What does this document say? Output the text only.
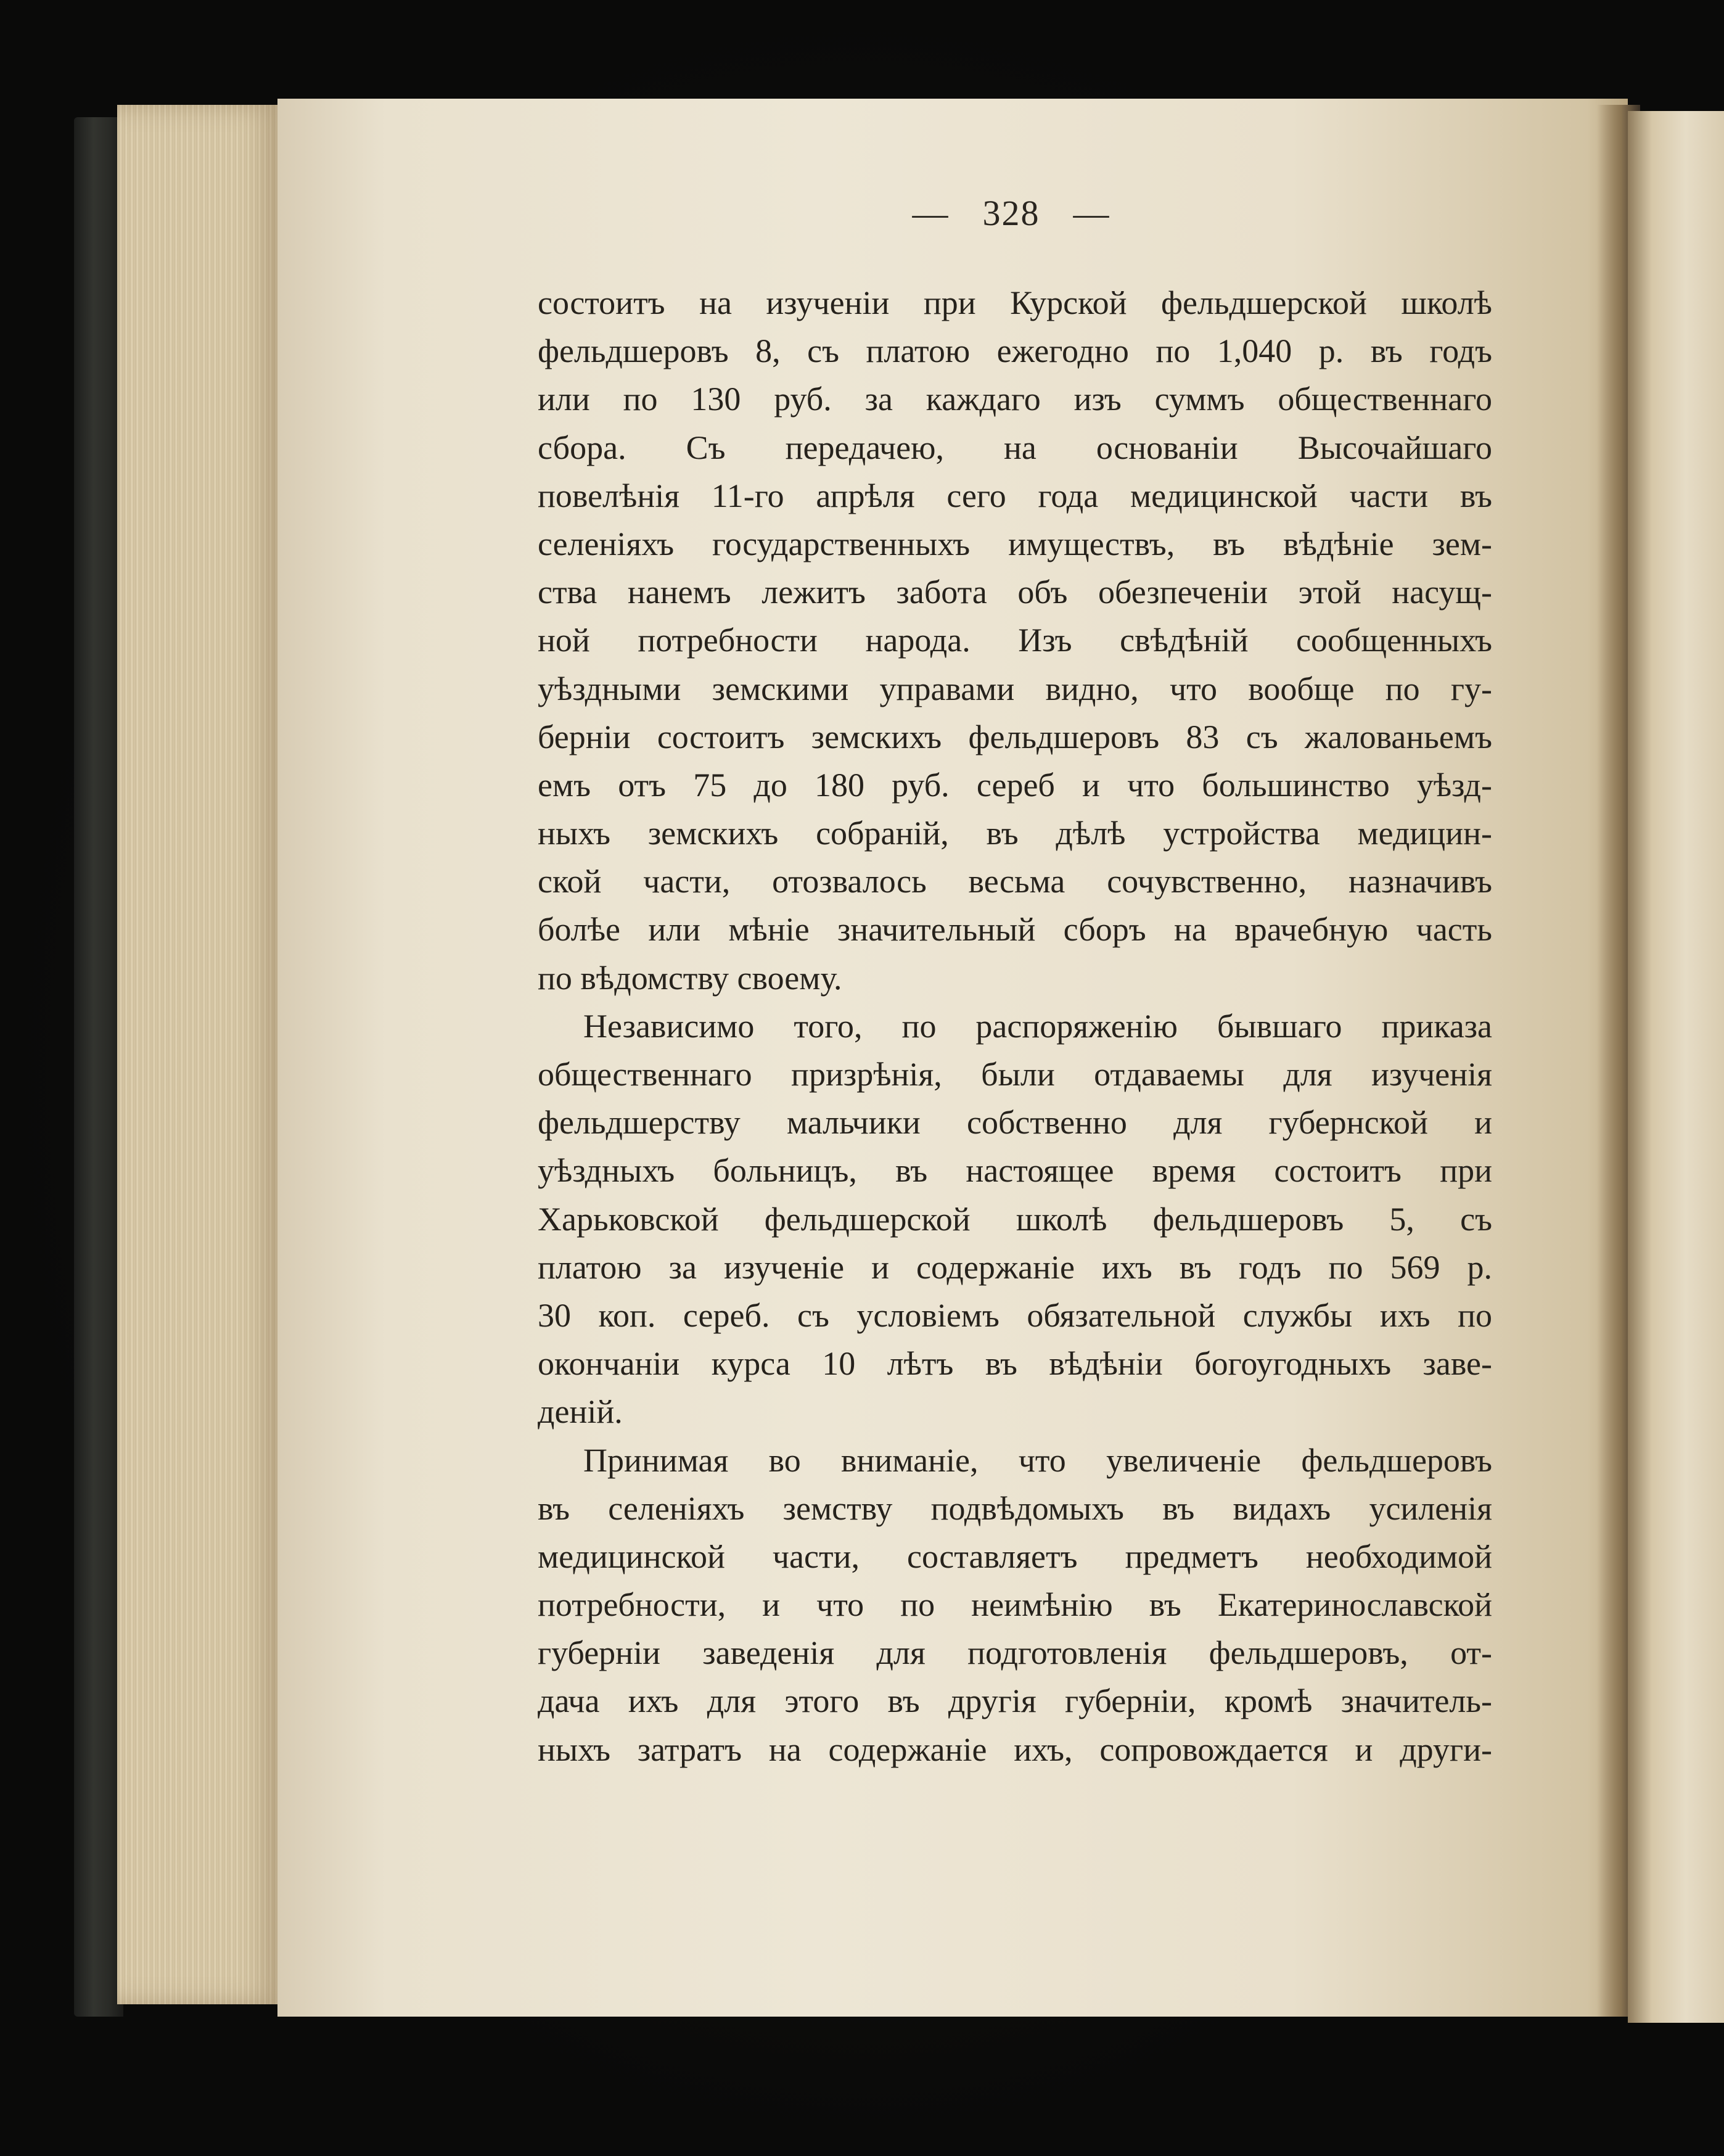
— 328 —

состоитъ на изученіи при Курской фельдшерской школѣ
фельдшеровъ 8, съ платою ежегодно по 1,040 р. въ годъ
или по 130 руб. за каждаго изъ суммъ общественнаго
сбора. Съ передачею, на основаніи Высочайшаго
повелѣнія 11-го апрѣля сего года медицинской части въ
селеніяхъ государственныхъ имуществъ, въ вѣдѣніе зем-
ства нанемъ лежитъ забота объ обезпеченіи этой насущ-
ной потребности народа. Изъ свѣдѣній сообщенныхъ
уѣздными земскими управами видно, что вообще по гу-
берніи состоитъ земскихъ фельдшеровъ 83 съ жалованьемъ
емъ отъ 75 до 180 руб. сереб и что большинство уѣзд-
ныхъ земскихъ собраній, въ дѣлѣ устройства медицин-
ской части, отозвалось весьма сочувственно, назначивъ
болѣе или мѣніе значительный сборъ на врачебную часть
по вѣдомству своему.

Независимо того, по распоряженію бывшаго приказа
общественнаго призрѣнія, были отдаваемы для изученія
фельдшерству мальчики собственно для губернской и
уѣздныхъ больницъ, въ настоящее время состоитъ при
Харьковской фельдшерской школѣ фельдшеровъ 5, съ
платою за изученіе и содержаніе ихъ въ годъ по 569 р.
30 коп. сереб. съ условіемъ обязательной службы ихъ по
окончаніи курса 10 лѣтъ въ вѣдѣніи богоугодныхъ заве-
деній.

Принимая во вниманіе, что увеличеніе фельдшеровъ
въ селеніяхъ земству подвѣдомыхъ въ видахъ усиленія
медицинской части, составляетъ предметъ необходимой
потребности, и что по неимѣнію въ Екатеринославской
губерніи заведенія для подготовленія фельдшеровъ, от-
дача ихъ для этого въ другія губерніи, кромѣ значитель-
ныхъ затратъ на содержаніе ихъ, сопровождается и други-
